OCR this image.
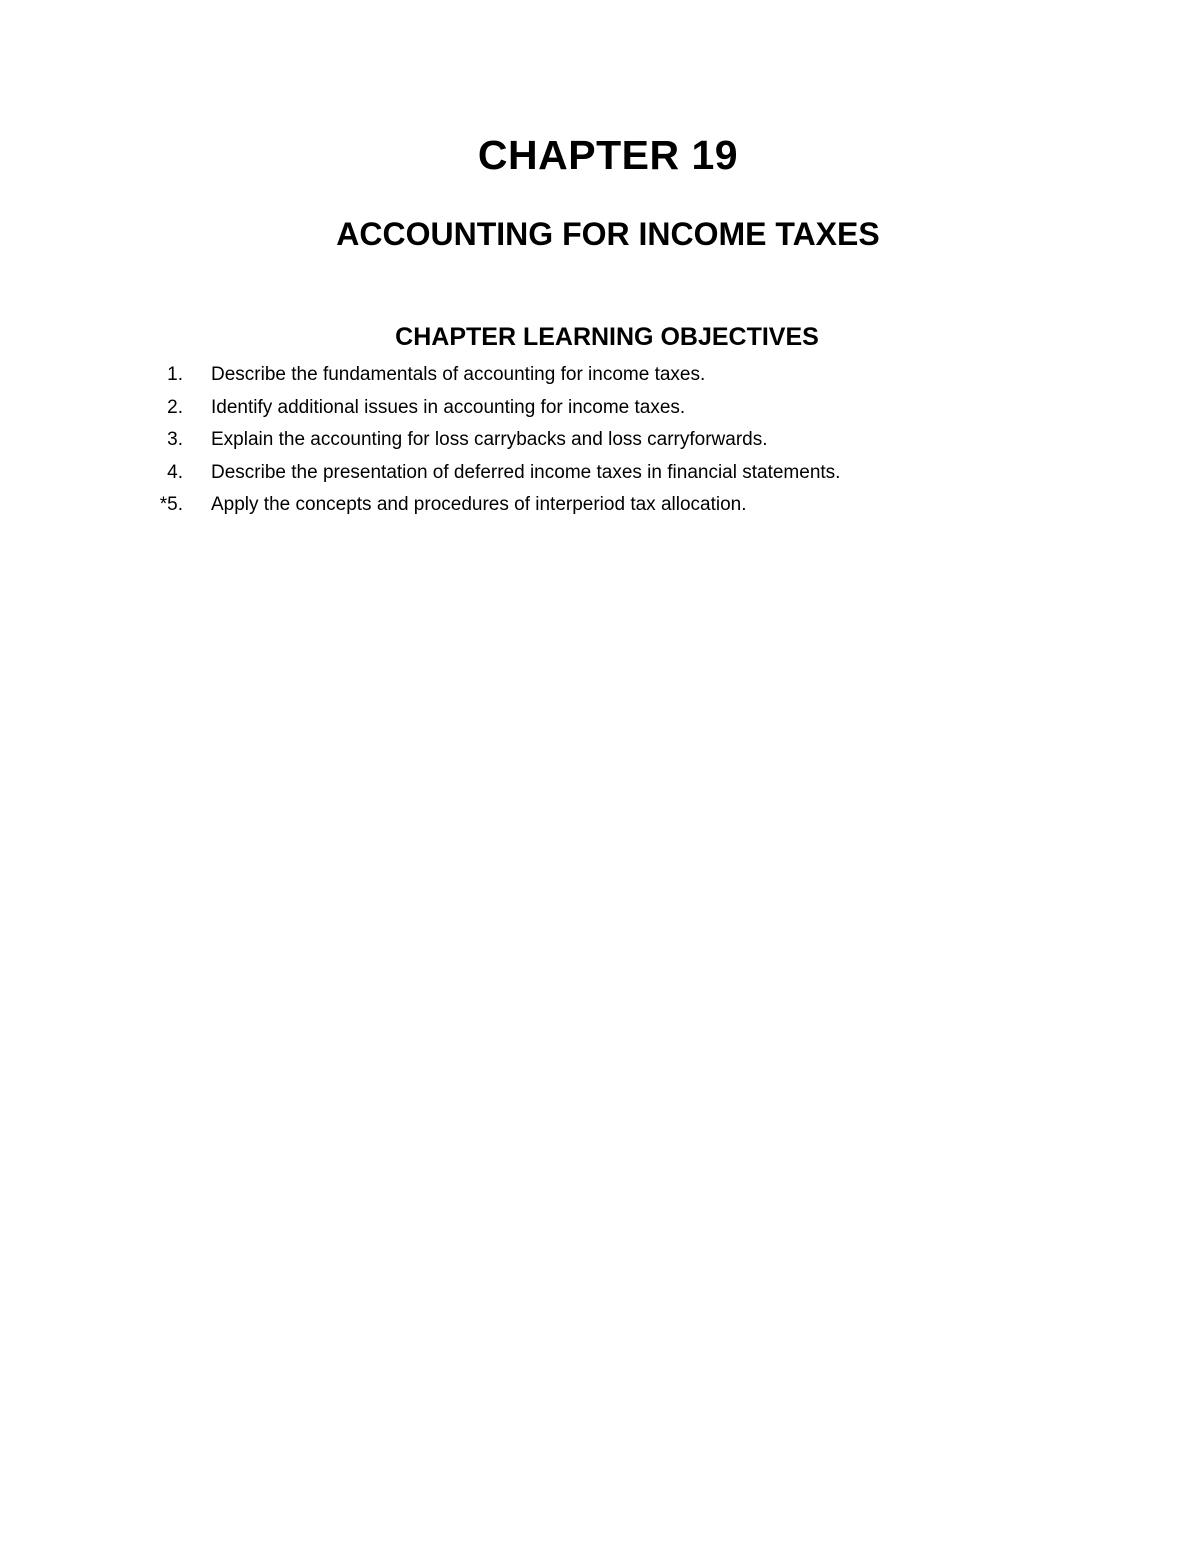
CHAPTER 19
ACCOUNTING FOR INCOME TAXES
CHAPTER LEARNING OBJECTIVES
1. Describe the fundamentals of accounting for income taxes.
2. Identify additional issues in accounting for income taxes.
3. Explain the accounting for loss carrybacks and loss carryforwards.
4. Describe the presentation of deferred income taxes in financial statements.
*5. Apply the concepts and procedures of interperiod tax allocation.
